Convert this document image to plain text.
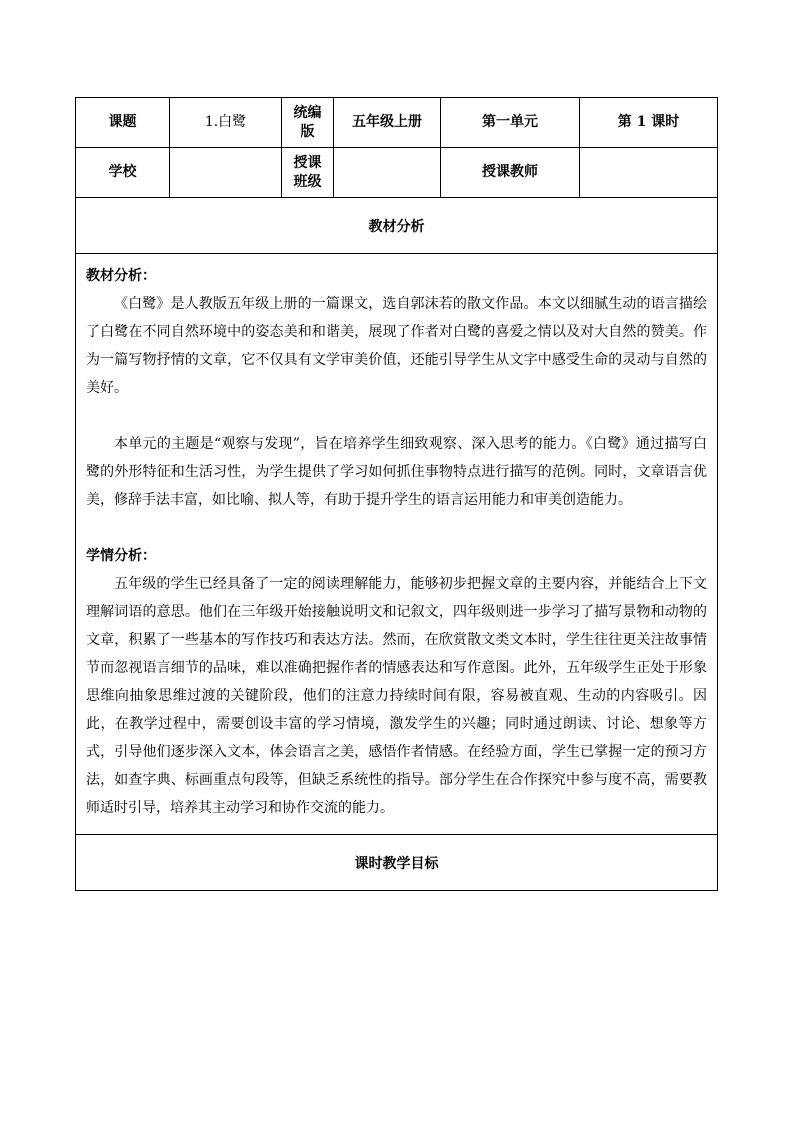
课题	1.白鹭	统编版	五年级上册	第一单元	第 1 课时
学校		授课班级		授课教师	
教材分析					

教材分析：

《白鹭》是人教版五年级上册的一篇课文，选自郭沫若的散文作品。本文以细腻生动的语言描绘了白鹭在不同自然环境中的姿态美和和谐美，展现了作者对白鹭的喜爱之情以及对大自然的赞美。作为一篇写物抒情的文章，它不仅具有文学审美价值，还能引导学生从文字中感受生命的灵动与自然的美好。

本单元的主题是“观察与发现”，旨在培养学生细致观察、深入思考的能力。《白鹭》通过描写白鹭的外形特征和生活习性，为学生提供了学习如何抓住事物特点进行描写的范例。同时，文章语言优美，修辞手法丰富，如比喻、拟人等，有助于提升学生的语言运用能力和审美创造能力。

学情分析：

五年级的学生已经具备了一定的阅读理解能力，能够初步把握文章的主要内容，并能结合上下文理解词语的意思。他们在三年级开始接触说明文和记叙文，四年级则进一步学习了描写景物和动物的文章，积累了一些基本的写作技巧和表达方法。然而，在欣赏散文类文本时，学生往往更关注故事情节而忽视语言细节的品味，难以准确把握作者的情感表达和写作意图。此外，五年级学生正处于形象思维向抽象思维过渡的关键阶段，他们的注意力持续时间有限，容易被直观、生动的内容吸引。因此，在教学过程中，需要创设丰富的学习情境，激发学生的兴趣；同时通过朗读、讨论、想象等方式，引导他们逐步深入文本，体会语言之美，感悟作者情感。在经验方面，学生已掌握一定的预习方法，如查字典、标画重点句段等，但缺乏系统性的指导。部分学生在合作探究中参与度不高，需要教师适时引导，培养其主动学习和协作交流的能力。					

课时教学目标					
